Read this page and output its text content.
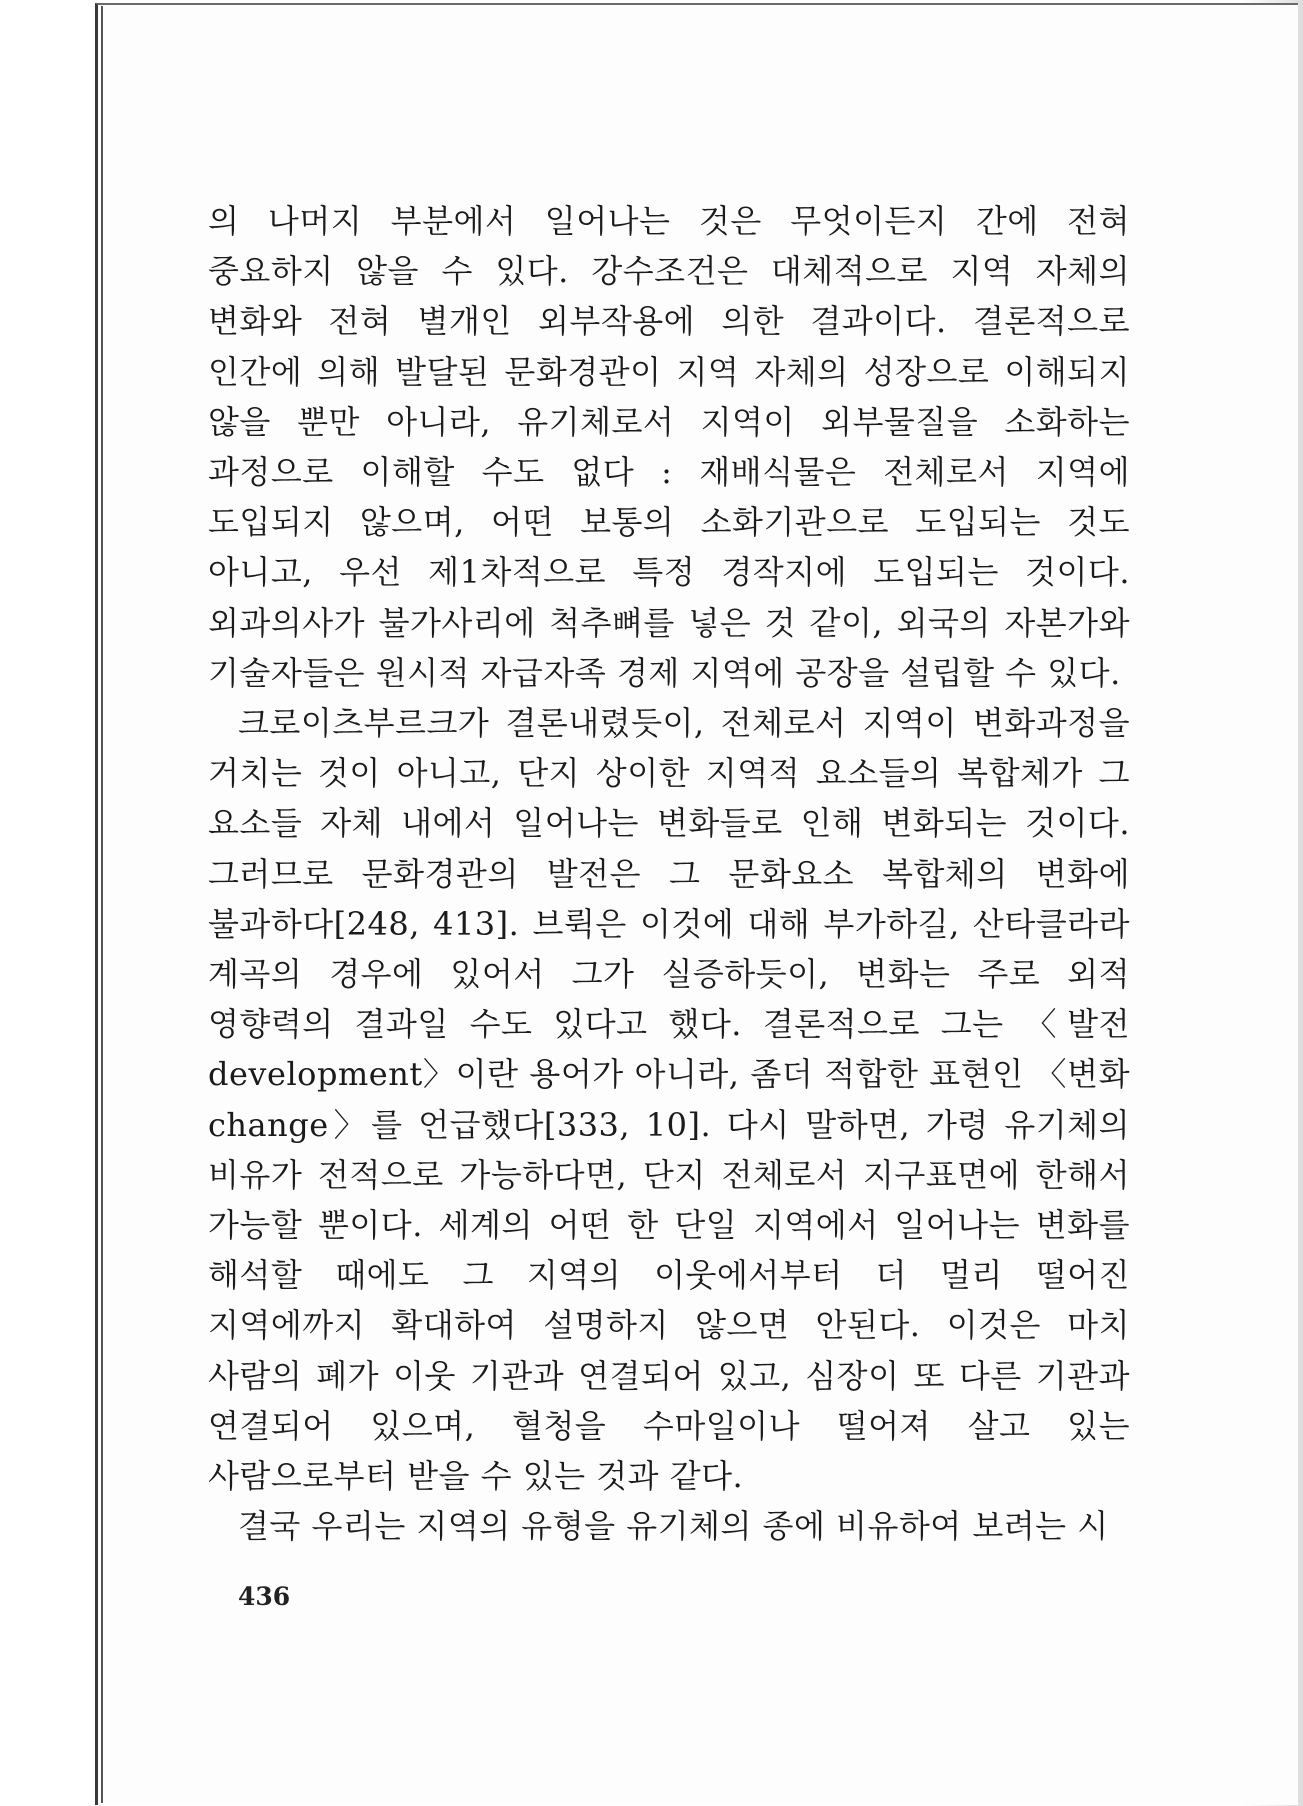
의 나머지 부분에서 일어나는 것은 무엇이든지 간에 전혀 중요하지 않을 수 있다. 강수조건은 대체적으로 지역 자체의 변화와 전혀 별개인 외부작용에 의한 결과이다. 결론적으로 인간에 의해 발달된 문화경관이 지역 자체의 성장으로 이해되지 않을 뿐만 아니라, 유기체로서 지역이 외부물질을 소화하는 과정으로 이해할 수도 없다 : 재배식물은 전체로서 지역에 도입되지 않으며, 어떤 보통의 소화기관으로 도입되는 것도 아니고, 우선 제1차적으로 특정 경작지에 도입되는 것이다. 외과의사가 불가사리에 척추뼈를 넣은 것 같이, 외국의 자본가와 기술자들은 원시적 자급자족 경제 지역에 공장을 설립할 수 있다.

크로이츠부르크가 결론내렸듯이, 전체로서 지역이 변화과정을 거치는 것이 아니고, 단지 상이한 지역적 요소들의 복합체가 그 요소들 자체 내에서 일어나는 변화들로 인해 변화되는 것이다. 그러므로 문화경관의 발전은 그 문화요소 복합체의 변화에 불과하다[248, 413]. 브뤽은 이것에 대해 부가하길, 산타클라라 계곡의 경우에 있어서 그가 실증하듯이, 변화는 주로 외적 영향력의 결과일 수도 있다고 했다. 결론적으로 그는 〈발전 development〉이란 용어가 아니라, 좀더 적합한 표현인 〈변화 change〉를 언급했다[333, 10]. 다시 말하면, 가령 유기체의 비유가 전적으로 가능하다면, 단지 전체로서 지구표면에 한해서 가능할 뿐이다. 세계의 어떤 한 단일 지역에서 일어나는 변화를 해석할 때에도 그 지역의 이웃에서부터 더 멀리 떨어진 지역에까지 확대하여 설명하지 않으면 안된다. 이것은 마치 사람의 폐가 이웃 기관과 연결되어 있고, 심장이 또 다른 기관과 연결되어 있으며, 혈청을 수마일이나 떨어져 살고 있는 사람으로부터 받을 수 있는 것과 같다.

결국 우리는 지역의 유형을 유기체의 종에 비유하여 보려는 시

436
